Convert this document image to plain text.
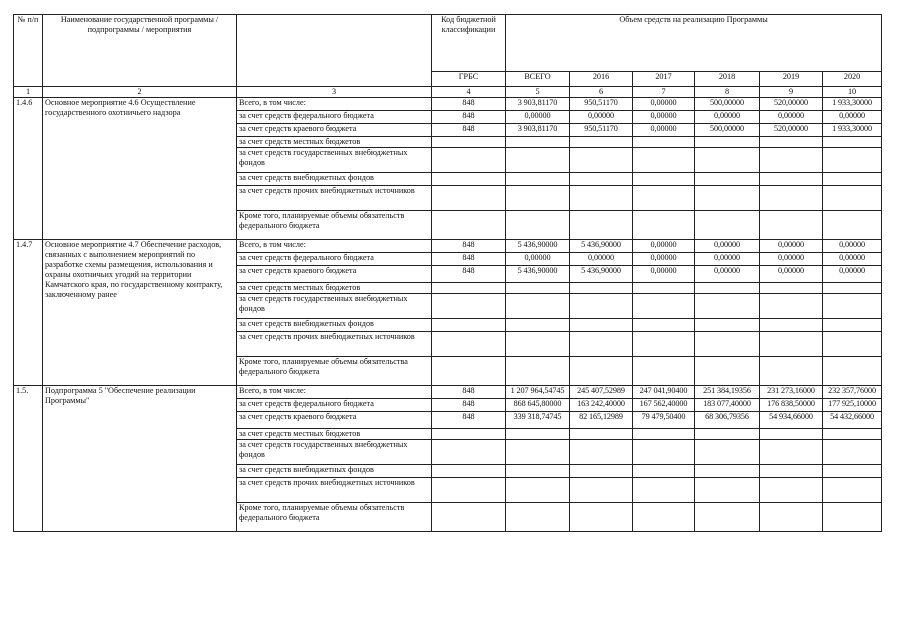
№ п/п	Наименование государственной программы / подпрограммы / мероприятия		Код бюджетной классификации	Объем средств на реализацию Программы					
			ГРБС	ВСЕГО	2016	2017	2018	2019	2020
1	2	3	4	5	6	7	8	9	10
1.4.6	Основное мероприятие 4.6 Осуществление государственного охотничьего надзора	Всего, в том числе:	848	3 903,81170	950,51170	0,00000	500,00000	520,00000	1 933,30000
		за счет средств федерального бюджета	848	0,00000	0,00000	0,00000	0,00000	0,00000	0,00000
		за счет средств краевого бюджета	848	3 903,81170	950,51170	0,00000	500,00000	520,00000	1 933,30000
		за счет средств местных бюджетов							
		за счет средств государственных внебюджетных фондов							
		за счет средств внебюджетных фондов							
		за счет средств прочих внебюджетных источников							
		Кроме того, планируемые объемы обязательств федерального бюджета							
1.4.7	Основное мероприятие 4.7 Обеспечение расходов, связанных с выполнением мероприятий по разработке схемы размещения, использования и охраны охотничьих угодий на территории Камчатского края, по государственному контракту, заключенному ранее	Всего, в том числе:	848	5 436,90000	5 436,90000	0,00000	0,00000	0,00000	0,00000
		за счет средств федерального бюджета	848	0,00000	0,00000	0,00000	0,00000	0,00000	0,00000
		за счет средств краевого бюджета	848	5 436,90000	5 436,90000	0,00000	0,00000	0,00000	0,00000
		за счет средств местных бюджетов							
		за счет средств государственных внебюджетных фондов							
		за счет средств внебюджетных фондов							
		за счет средств прочих внебюджетных источников							
		Кроме того, планируемые объемы обязательства федерального бюджета							
1.5.	Подпрограмма 5 "Обеспечение реализации Программы"	Всего, в том числе:	848	1 207 964,54745	245 407,52989	247 041,90400	251 384,19356	231 273,16000	232 357,76000
		за счет средств федерального бюджета	848	868 645,80000	163 242,40000	167 562,40000	183 077,40000	176 838,50000	177 925,10000
		за счет средств краевого бюджета	848	339 318,74745	82 165,12989	79 479,50400	68 306,79356	54 934,66000	54 432,66000
		за счет средств местных бюджетов							
		за счет средств государственных внебюджетных фондов							
		за счет средств внебюджетных фондов							
		за счет средств прочих внебюджетных источников							
		Кроме того, планируемые объемы обязательств федерального бюджета							
